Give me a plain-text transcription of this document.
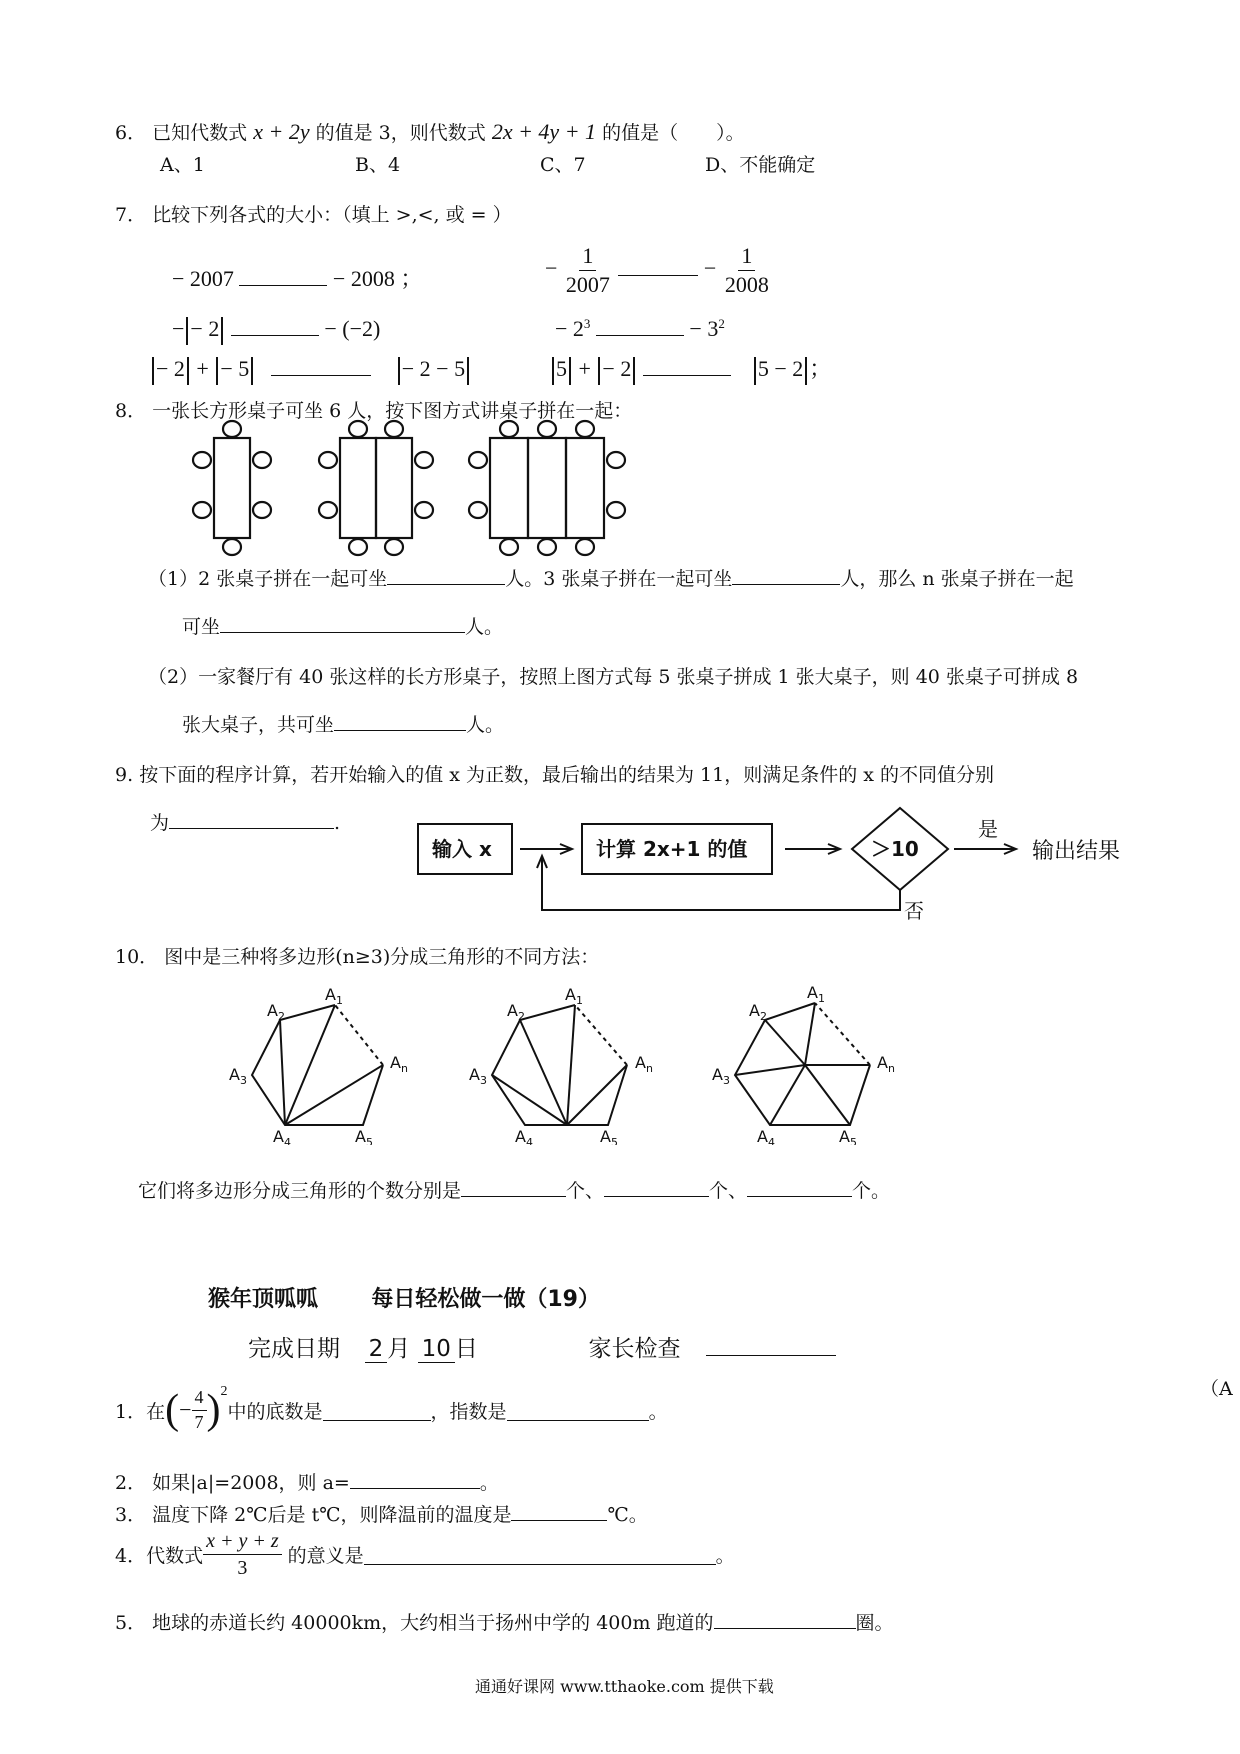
6． 已知代数式 x + 2y 的值是 3，则代数式 2x + 4y + 1 的值是（　　）。
A、1	B、4	C、7	D、不能确定
7． 比较下列各式的大小：（填上 >,<, 或 = ）
− 2007	− 2008 ；	− $\frac{1}{2007}$	− $\frac{1}{2008}$
− − 2	− (−2)	− $2^3$	− $3^2$
− 2 + − 5	− 2 − 5	5 + − 2	5 − 2 ；
8． 一张长方形桌子可坐 6 人，按下图方式讲桌子拼在一起：
（1）2 张桌子拼在一起可坐	人。3 张桌子拼在一起可坐	人，那么 n 张桌子拼在一起
可坐	人。
（2）一家餐厅有 40 张这样的长方形桌子，按照上图方式每 5 张桌子拼成 1 张大桌子，则 40 张桌子可拼成 8
张大桌子，共可坐	人。
9. 按下面的程序计算，若开始输入的值 x 为正数，最后输出的结果为 11，则满足条件的 x 的不同值分别
为	.
输入 x	计算 2x+1 的值	＞10
是
输出结果
否
10． 图中是三种将多边形(n≥3)分成三角形的不同方法：
$A_1$
$A_2$
$A_3$
$A_4$	$A_5$
$A_n$
$A_1$
$A_2$
$A_3$
$A_4$	$A_5$
$A_n$
$A_1$
$A_2$
$A_3$
$A_4$	$A_5$
$A_n$
它们将多边形分成三角形的个数分别是	个、	个、	个。
猴年顶呱呱 每日轻松做一做（19）
完成日期 2 月 10 日	家长检查
（A
1． 在 ( − $\frac{4}{7}$ ) 2
中的底数是	，指数是	。
2． 如果|a|=2008，则 a=	。
3． 温度下降 2℃后是 t℃，则降温前的温度是	℃。
4． 代数式 $\frac{x + y + z}{3}$ 的意义是	。
5． 地球的赤道长约 40000km，大约相当于扬州中学的 400m 跑道的	圈。
通通好课网 www.tthaoke.com 提供下载
